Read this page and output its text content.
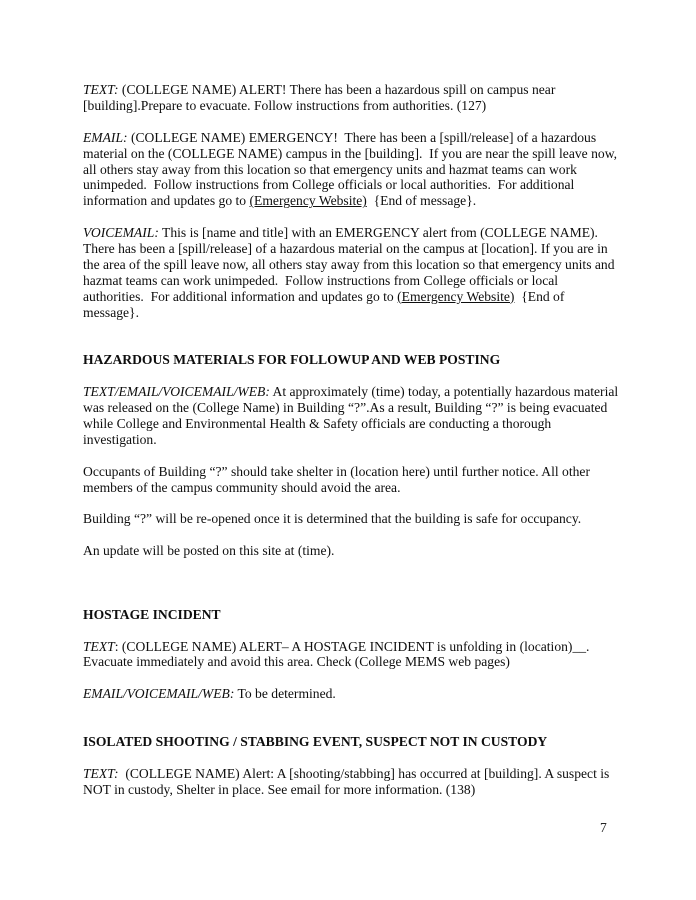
TEXT: (COLLEGE NAME) ALERT! There has been a hazardous spill on campus near [building].Prepare to evacuate. Follow instructions from authorities. (127)

EMAIL: (COLLEGE NAME) EMERGENCY!  There has been a [spill/release] of a hazardous material on the (COLLEGE NAME) campus in the [building].  If you are near the spill leave now, all others stay away from this location so that emergency units and hazmat teams can work unimpeded.  Follow instructions from College officials or local authorities.  For additional information and updates go to (Emergency Website)  {End of message}.

VOICEMAIL: This is [name and title] with an EMERGENCY alert from (COLLEGE NAME). There has been a [spill/release] of a hazardous material on the campus at [location]. If you are in the area of the spill leave now, all others stay away from this location so that emergency units and hazmat teams can work unimpeded.  Follow instructions from College officials or local authorities.  For additional information and updates go to (Emergency Website)  {End of message}.

HAZARDOUS MATERIALS FOR FOLLOWUP AND WEB POSTING

TEXT/EMAIL/VOICEMAIL/WEB: At approximately (time) today, a potentially hazardous material was released on the (College Name) in Building “?”.As a result, Building “?” is being evacuated while College and Environmental Health & Safety officials are conducting a thorough investigation.

Occupants of Building “?” should take shelter in (location here) until further notice. All other members of the campus community should avoid the area.

Building “?” will be re-opened once it is determined that the building is safe for occupancy.

An update will be posted on this site at (time).

HOSTAGE INCIDENT

TEXT: (COLLEGE NAME) ALERT– A HOSTAGE INCIDENT is unfolding in (location)__. Evacuate immediately and avoid this area. Check (College MEMS web pages)

EMAIL/VOICEMAIL/WEB: To be determined.

ISOLATED SHOOTING / STABBING EVENT, SUSPECT NOT IN CUSTODY

TEXT:  (COLLEGE NAME) Alert: A [shooting/stabbing] has occurred at [building]. A suspect is NOT in custody, Shelter in place. See email for more information. (138)

7
